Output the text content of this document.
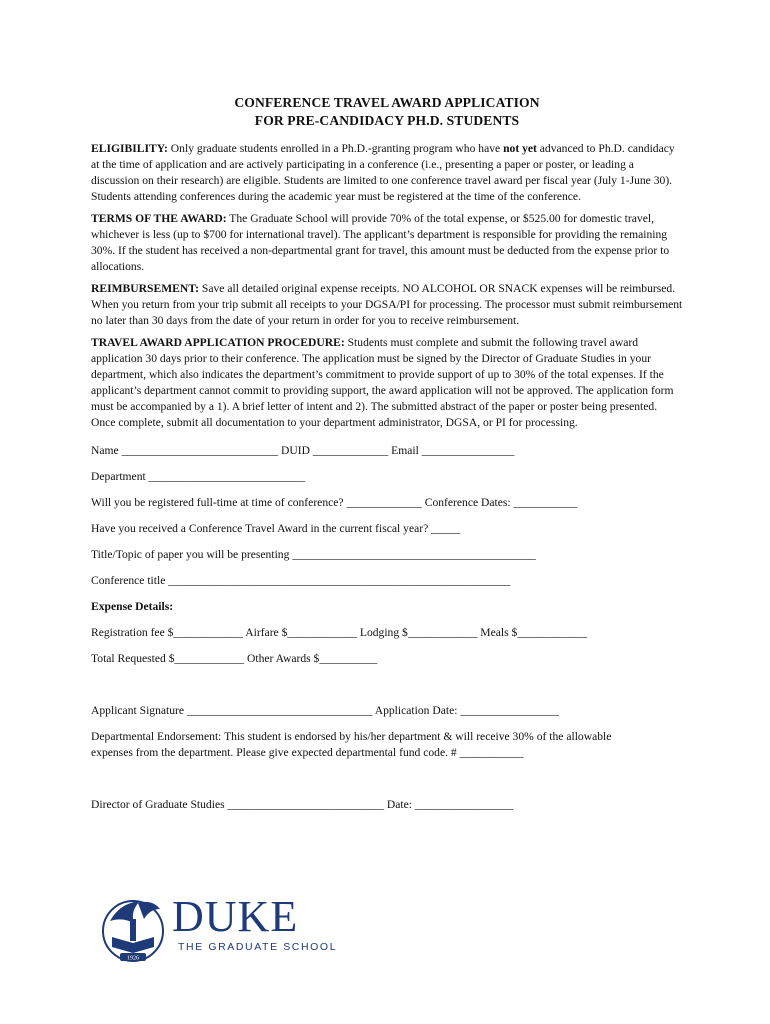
CONFERENCE TRAVEL AWARD APPLICATION
FOR PRE-CANDIDACY PH.D. STUDENTS

ELIGIBILITY: Only graduate students enrolled in a Ph.D.-granting program who have not yet advanced to Ph.D. candidacy at the time of application and are actively participating in a conference (i.e., presenting a paper or poster, or leading a discussion on their research) are eligible. Students are limited to one conference travel award per fiscal year (July 1-June 30). Students attending conferences during the academic year must be registered at the time of the conference.

TERMS OF THE AWARD: The Graduate School will provide 70% of the total expense, or $525.00 for domestic travel, whichever is less (up to $700 for international travel). The applicant’s department is responsible for providing the remaining 30%. If the student has received a non-departmental grant for travel, this amount must be deducted from the expense prior to allocations.

REIMBURSEMENT: Save all detailed original expense receipts. NO ALCOHOL OR SNACK expenses will be reimbursed. When you return from your trip submit all receipts to your DGSA/PI for processing. The processor must submit reimbursement no later than 30 days from the date of your return in order for you to receive reimbursement.

TRAVEL AWARD APPLICATION PROCEDURE: Students must complete and submit the following travel award application 30 days prior to their conference. The application must be signed by the Director of Graduate Studies in your department, which also indicates the department’s commitment to provide support of up to 30% of the total expenses. If the applicant’s department cannot commit to providing support, the award application will not be approved. The application form must be accompanied by a 1). A brief letter of intent and 2). The submitted abstract of the paper or poster being presented. Once complete, submit all documentation to your department administrator, DGSA, or PI for processing.

Name ___________________________ DUID _____________ Email ________________

Department ___________________________

Will you be registered full-time at time of conference? _____________ Conference Dates: ___________

Have you received a Conference Travel Award in the current fiscal year? _____

Title/Topic of paper you will be presenting __________________________________________

Conference title ___________________________________________________________

Expense Details:

Registration fee $____________ Airfare $____________ Lodging $____________ Meals $____________

Total Requested $____________ Other Awards $__________

Applicant Signature ________________________________ Application Date: _________________

Departmental Endorsement: This student is endorsed by his/her department & will receive 30% of the allowable

expenses from the department. Please give expected departmental fund code. # ___________

Director of Graduate Studies ___________________________ Date: _________________

1926
DUKE
THE GRADUATE SCHOOL
